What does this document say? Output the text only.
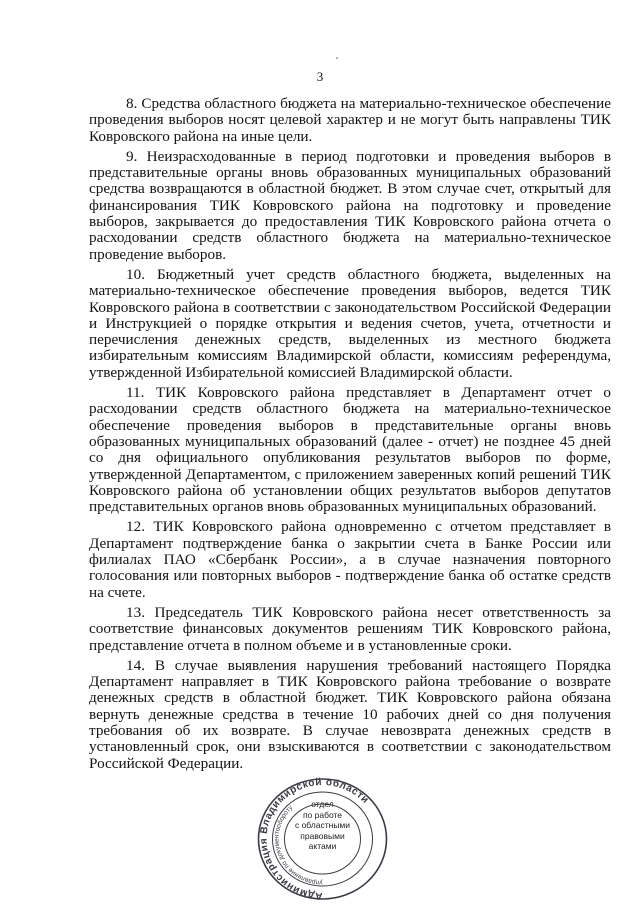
3

8. Средства областного бюджета на материально-техническое обеспечение проведения выборов носят целевой характер и не могут быть направлены ТИК Ковровского района на иные цели.

9. Неизрасходованные в период подготовки и проведения выборов в представительные органы вновь образованных муниципальных образований средства возвращаются в областной бюджет. В этом случае счет, открытый для финансирования ТИК Ковровского района на подготовку и проведение выборов, закрывается до предоставления ТИК Ковровского района отчета о расходовании средств областного бюджета на материально-техническое проведение выборов.

10. Бюджетный учет средств областного бюджета, выделенных на материально-техническое обеспечение проведения выборов, ведется ТИК Ковровского района в соответствии с законодательством Российской Федерации и Инструкцией о порядке открытия и ведения счетов, учета, отчетности и перечисления денежных средств, выделенных из местного бюджета избирательным комиссиям Владимирской области, комиссиям референдума, утвержденной Избирательной комиссией Владимирской области.

11. ТИК Ковровского района представляет в Департамент отчет о расходовании средств областного бюджета на материально-техническое обеспечение проведения выборов в представительные органы вновь образованных муниципальных образований (далее - отчет) не позднее 45 дней со дня официального опубликования результатов выборов по форме, утвержденной Департаментом, с приложением заверенных копий решений ТИК Ковровского района об установлении общих результатов выборов депутатов представительных органов вновь образованных муниципальных образований.

12. ТИК Ковровского района одновременно с отчетом представляет в Департамент подтверждение банка о закрытии счета в Банке России или филиалах ПАО «Сбербанк России», а в случае назначения повторного голосования или повторных выборов - подтверждение банка об остатке средств на счете.

13. Председатель ТИК Ковровского района несет ответственность за соответствие финансовых документов решениям ТИК Ковровского района, представление отчета в полном объеме и в установленные сроки.

14. В случае выявления нарушения требований настоящего Порядка Департамент направляет в ТИК Ковровского района требование о возврате денежных средств в областной бюджет. ТИК Ковровского района обязана вернуть денежные средства в течение 10 рабочих дней со дня получения требования об их возврате. В случае невозврата денежных средств в установленный срок, они взыскиваются в соответствии с законодательством Российской Федерации.

Администрация Владимирской области
управление по документообороту	отдел
по работе
с областными
правовыми
актами
